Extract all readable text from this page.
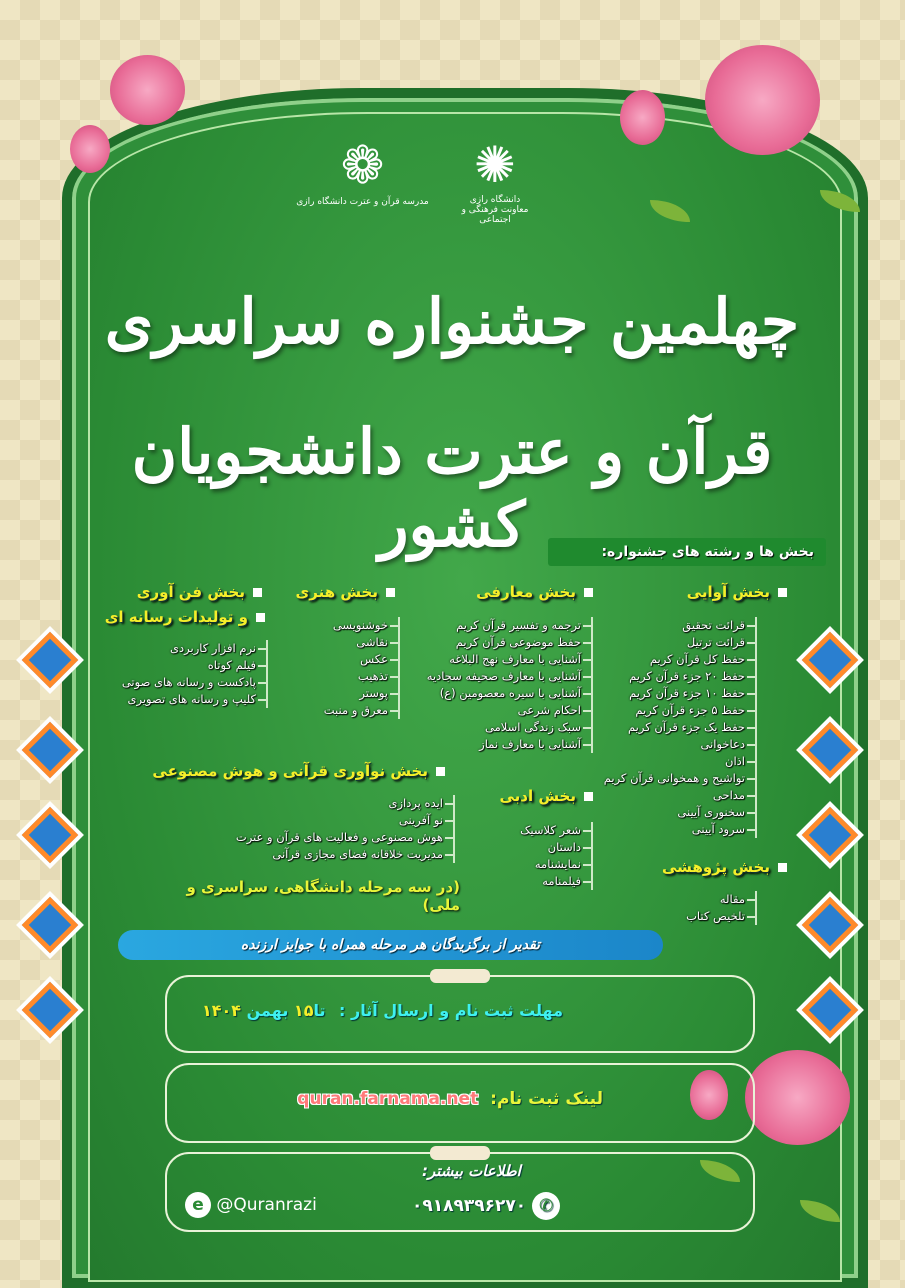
❁
مدرسه قرآن و عترت دانشگاه رازی
✺
دانشگاه رازی
معاونت فرهنگی و اجتماعی
چهلمین جشنواره سراسری
قرآن و عترت دانشجویان کشور	بخش ها و رشته های جشنواره:
بخش آوایی
قرائت تحقیق
قرائت ترتیل
حفظ کل قرآن کریم
حفظ ۲۰ جزء قرآن کریم
حفظ ۱۰ جزء قرآن کریم
حفظ ۵ جزء قرآن کریم
حفظ یک جزء قرآن کریم
دعاخوانی
اذان
تواشیح و همخوانی قرآن کریم
مداحی
سخنوری آیینی
سرود آیینی
بخش معارفی
ترجمه و تفسیر قرآن کریم
حفظ موضوعی قرآن کریم
آشنایی با معارف نهج البلاغه
آشنایی با معارف صحیفه سجادیه
آشنایی با سیره معصومین (ع)
احکام شرعی
سبک زندگی اسلامی
آشنایی با معارف نماز
بخش هنری
خوشنویسی
نقاشی
عکس
تذهیب
پوستر
معرق و منبت
بخش فن آوری
و تولیدات رسانه ای
نرم افزار کاربردی
فیلم کوتاه
پادکست و رسانه های صوتی
کلیپ و رسانه های تصویری
بخش نوآوری قرآنی و هوش مصنوعی
ایده پردازی
نو آفرینی
هوش مصنوعی و فعالیت های قرآن و عترت
مدیریت خلاقانه فضای مجازی قرآنی
بخش ادبی
شعر کلاسیک
داستان
نمایشنامه
فیلمنامه
بخش پژوهشی
مقاله
تلخیص کتاب
(در سه مرحله دانشگاهی، سراسری و ملی)
تقدیر از برگزیدگان هر مرحله همراه با جوایز ارزنده
مهلت ثبت نام و ارسال آثار : تا۱۵ بهمن ۱۴۰۴
لینک ثبت نام: quran.farnama.net
اطلاعات بیشتر:
✆ ۰۹۱۸۹۳۹۶۲۷۰
e @Quranrazi
